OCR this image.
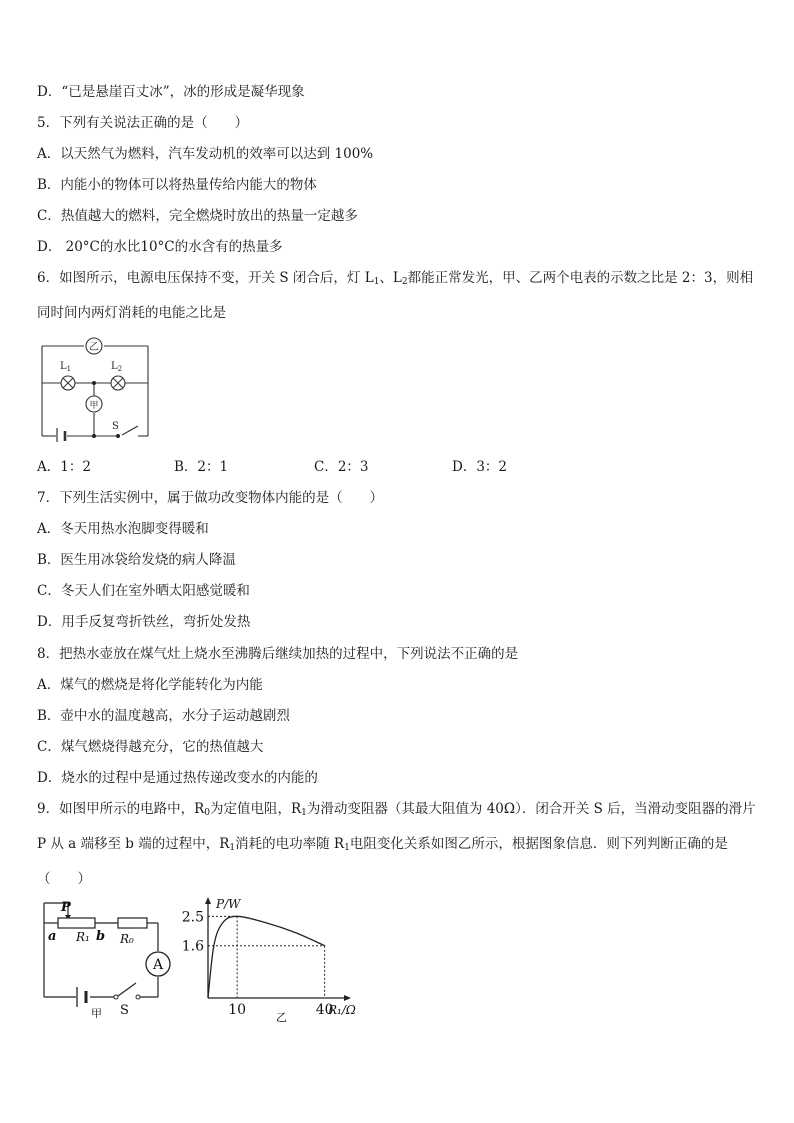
D．“已是悬崖百丈冰”，冰的形成是凝华现象
5．下列有关说法正确的是（　　）
A．以天然气为燃料，汽车发动机的效率可以达到 100%
B．内能小的物体可以将热量传给内能大的物体
C．热值越大的燃料，完全燃烧时放出的热量一定越多
D． 20°C的水比10°C的水含有的热量多
6．如图所示，电源电压保持不变，开关 S 闭合后，灯 $L_1$、$L_2$都能正常发光，甲、乙两个电表的示数之比是 2：3，则相同时间内两灯消耗的电能之比是
乙
$L_1$	$L_2$
甲
S
A．1：2	B．2：1	C．2：3	D．3：2
7．下列生活实例中，属于做功改变物体内能的是（　　）
A．冬天用热水泡脚变得暖和
B．医生用冰袋给发烧的病人降温
C．冬天人们在室外晒太阳感觉暖和
D．用手反复弯折铁丝，弯折处发热
8．把热水壶放在煤气灶上烧水至沸腾后继续加热的过程中，下列说法不正确的是
A．煤气的燃烧是将化学能转化为内能
B．壶中水的温度越高，水分子运动越剧烈
C．煤气燃烧得越充分，它的热值越大
D．烧水的过程中是通过热传递改变水的内能的
9．如图甲所示的电路中，$R_0$为定值电阻，$R_1$为滑动变阻器（其最大阻值为 40Ω）．闭合开关 S 后，当滑动变阻器的滑片 P 从 a 端移至 b 端的过程中，$R_1$消耗的电功率随 $R_1$电阻变化关系如图乙所示，根据图象信息．则下列判断正确的是（　　）
A
P
a R₁ b R₀
S
甲
P/W
R₁/Ω
乙
10	40
2.5
1.6
